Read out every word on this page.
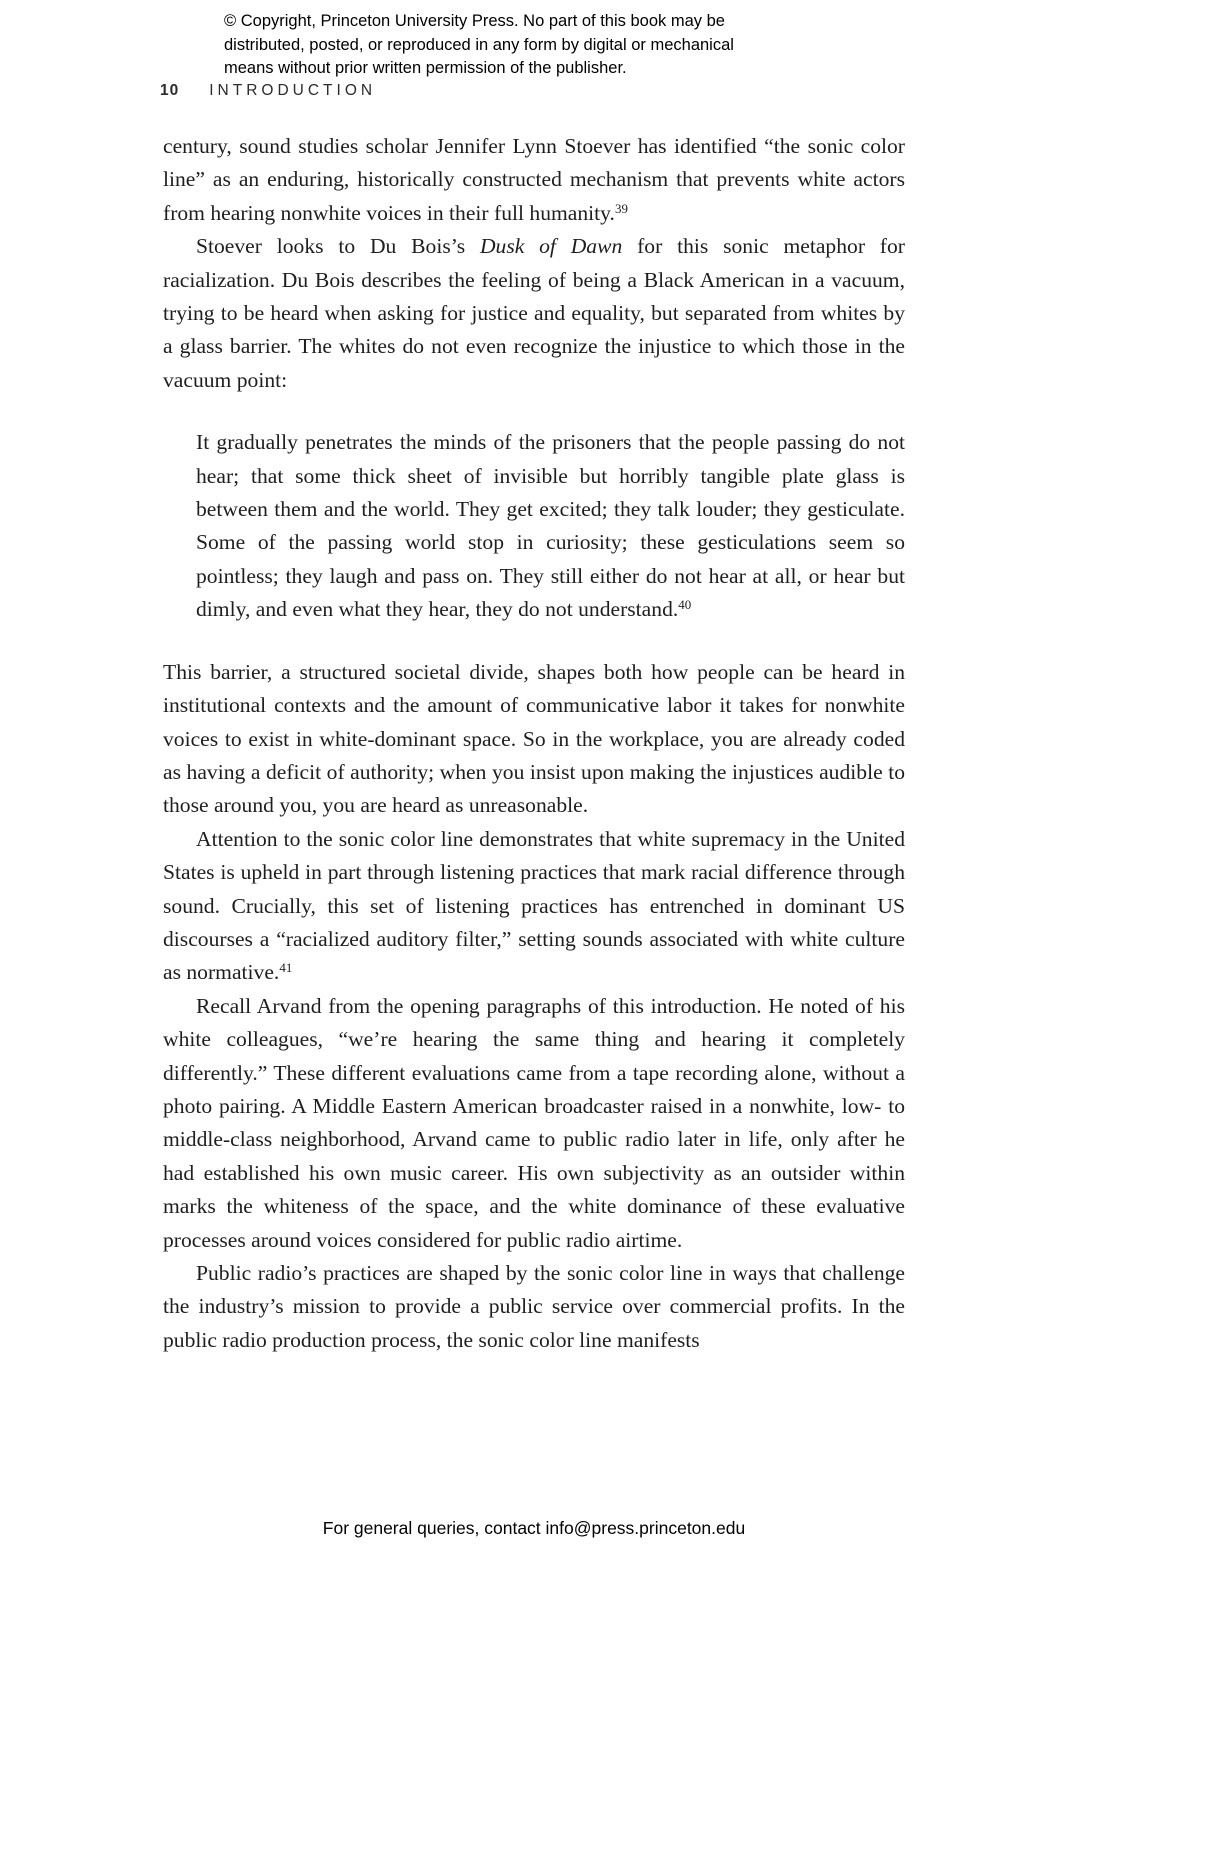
© Copyright, Princeton University Press. No part of this book may be
distributed, posted, or reproduced in any form by digital or mechanical
means without prior written permission of the publisher.
10 INTRODUCTION

century, sound studies scholar Jennifer Lynn Stoever has identified “the sonic color line” as an enduring, historically constructed mechanism that prevents white actors from hearing nonwhite voices in their full humanity.$^{39}$

Stoever looks to Du Bois’s Dusk of Dawn for this sonic metaphor for racialization. Du Bois describes the feeling of being a Black American in a vacuum, trying to be heard when asking for justice and equality, but separated from whites by a glass barrier. The whites do not even recognize the injustice to which those in the vacuum point:

It gradually penetrates the minds of the prisoners that the people passing do not hear; that some thick sheet of invisible but horribly tangible plate glass is between them and the world. They get excited; they talk louder; they gesticulate. Some of the passing world stop in curiosity; these gesticulations seem so pointless; they laugh and pass on. They still either do not hear at all, or hear but dimly, and even what they hear, they do not understand.$^{40}$

This barrier, a structured societal divide, shapes both how people can be heard in institutional contexts and the amount of communicative labor it takes for nonwhite voices to exist in white-dominant space. So in the workplace, you are already coded as having a deficit of authority; when you insist upon making the injustices audible to those around you, you are heard as unreasonable.

Attention to the sonic color line demonstrates that white supremacy in the United States is upheld in part through listening practices that mark racial difference through sound. Crucially, this set of listening practices has entrenched in dominant US discourses a “racialized auditory filter,” setting sounds associated with white culture as normative.$^{41}$

Recall Arvand from the opening paragraphs of this introduction. He noted of his white colleagues, “we’re hearing the same thing and hearing it completely differently.” These different evaluations came from a tape recording alone, without a photo pairing. A Middle Eastern American broadcaster raised in a nonwhite, low- to middle-class neighborhood, Arvand came to public radio later in life, only after he had established his own music career. His own subjectivity as an outsider within marks the whiteness of the space, and the white dominance of these evaluative processes around voices considered for public radio airtime.

Public radio’s practices are shaped by the sonic color line in ways that challenge the industry’s mission to provide a public service over commercial profits. In the public radio production process, the sonic color line manifests

For general queries, contact info@press.princeton.edu
